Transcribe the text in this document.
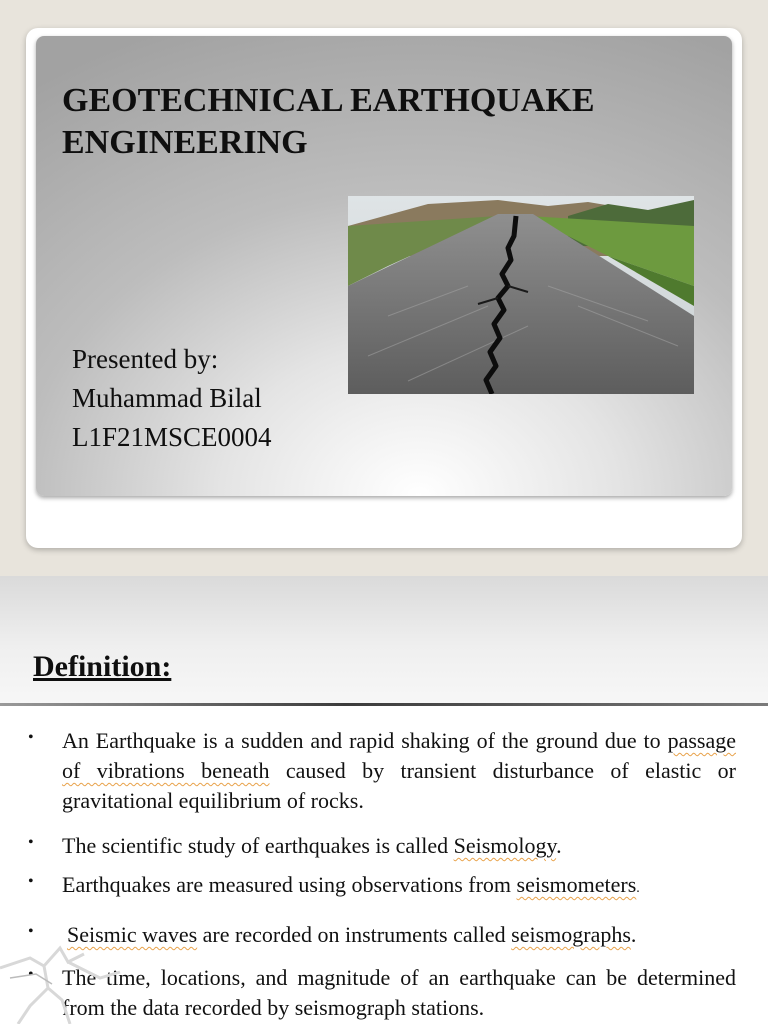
GEOTECHNICAL EARTHQUAKE
ENGINEERING
Presented by:
Muhammad Bilal
L1F21MSCE0004
Definition:
• An Earthquake is a sudden and rapid shaking of the ground due to passage of vibrations beneath caused by transient disturbance of elastic or gravitational equilibrium of rocks.
• The scientific study of earthquakes is called Seismology.
• Earthquakes are measured using observations from seismometers.
• Seismic waves are recorded on instruments called seismographs.
• The time, locations, and magnitude of an earthquake can be determined from the data recorded by seismograph stations.
